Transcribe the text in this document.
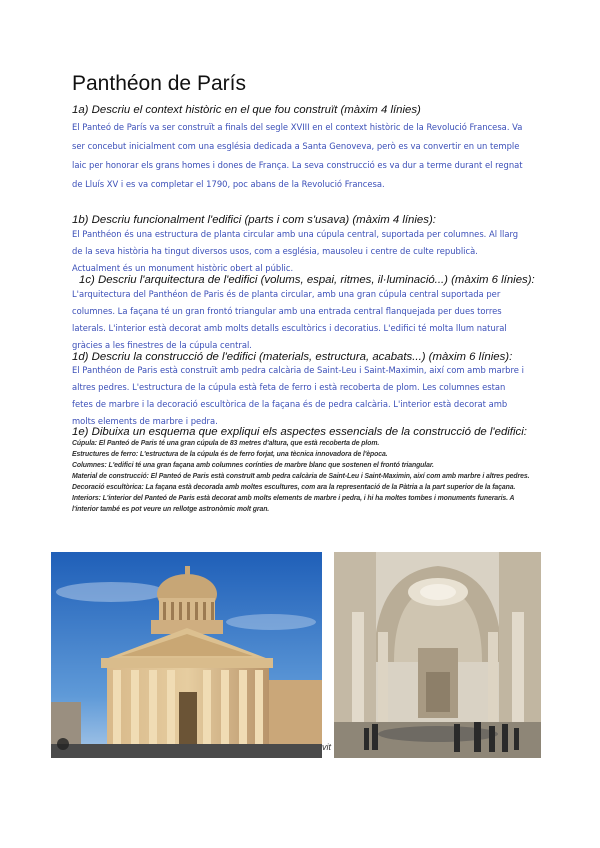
Panthéon de París
1a) Descriu el context històric en el que fou construït (màxim 4 línies)

El Panteó de París va ser construït a finals del segle XVIII en el context històric de la Revolució Francesa. Va ser concebut inicialment com una església dedicada a Santa Genoveva, però es va convertir en un temple laic per honorar els grans homes i dones de França. La seva construcció es va dur a terme durant el regnat de Lluís XV i es va completar el 1790, poc abans de la Revolució Francesa.

1b) Descriu funcionalment l'edifici (parts i com s'usava) (màxim 4 línies):

El Panthéon és una estructura de planta circular amb una cúpula central, suportada per columnes. Al llarg de la seva història ha tingut diversos usos, com a església, mausoleu i centre de culte republicà. Actualment és un monument històric obert al públic.

1c) Descriu l'arquitectura de l'edifici (volums, espai, ritmes, il·luminació...) (màxim 6 línies):

L'arquitectura del Panthéon de Paris és de planta circular, amb una gran cúpula central suportada per columnes. La façana té un gran frontó triangular amb una entrada central flanquejada per dues torres laterals. L'interior està decorat amb molts detalls escultòrics i decoratius. L'edifici té molta llum natural gràcies a les finestres de la cúpula central.

1d) Descriu la construcció de l'edifici (materials, estructura, acabats...) (màxim 6 línies):

El Panthéon de Paris està construït amb pedra calcària de Saint-Leu i Saint-Maximin, així com amb marbre i altres pedres. L'estructura de la cúpula està feta de ferro i està recoberta de plom. Les columnes estan fetes de marbre i la decoració escultòrica de la façana és de pedra calcària. L'interior està decorat amb molts elements de marbre i pedra.

1e) Dibuixa un esquema que expliqui els aspectes essencials de la construcció de l'edifici:

Cúpula: El Panteó de Paris té una gran cúpula de 83 metres d'altura, que està recoberta de plom.

Estructures de ferro: L'estructura de la cúpula és de ferro forjat, una tècnica innovadora de l'època.

Columnes: L'edifici té una gran façana amb columnes corínties de marbre blanc que sostenen el frontó triangular.

Material de construcció: El Panteó de Paris està construït amb pedra calcària de Saint-Leu i Saint-Maximin, així com amb marbre i altres pedres.

Decoració escultòrica: La façana està decorada amb moltes escultures, com ara la representació de la Pàtria a la part superior de la façana.

Interiors: L'interior del Panteó de Paris està decorat amb molts elements de marbre i pedra, i hi ha moltes tombes i monuments funeraris. A l'interior també es pot veure un rellotge astronòmic molt gran.

vit
